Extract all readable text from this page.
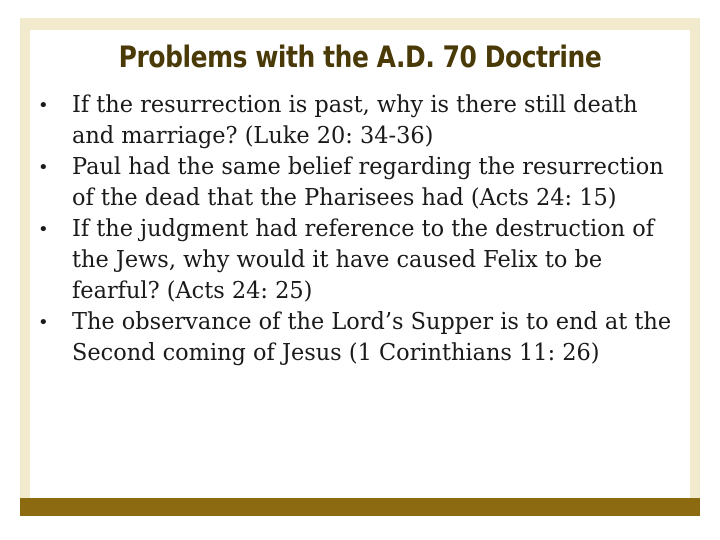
Problems with the A.D. 70 Doctrine
• If the resurrection is past, why is there still death and marriage? (Luke 20: 34-36)
• Paul had the same belief regarding the resurrection of the dead that the Pharisees had (Acts 24: 15)
• If the judgment had reference to the destruction of the Jews, why would it have caused Felix to be fearful? (Acts 24: 25)
• The observance of the Lord’s Supper is to end at the Second coming of Jesus (1 Corinthians 11: 26)
